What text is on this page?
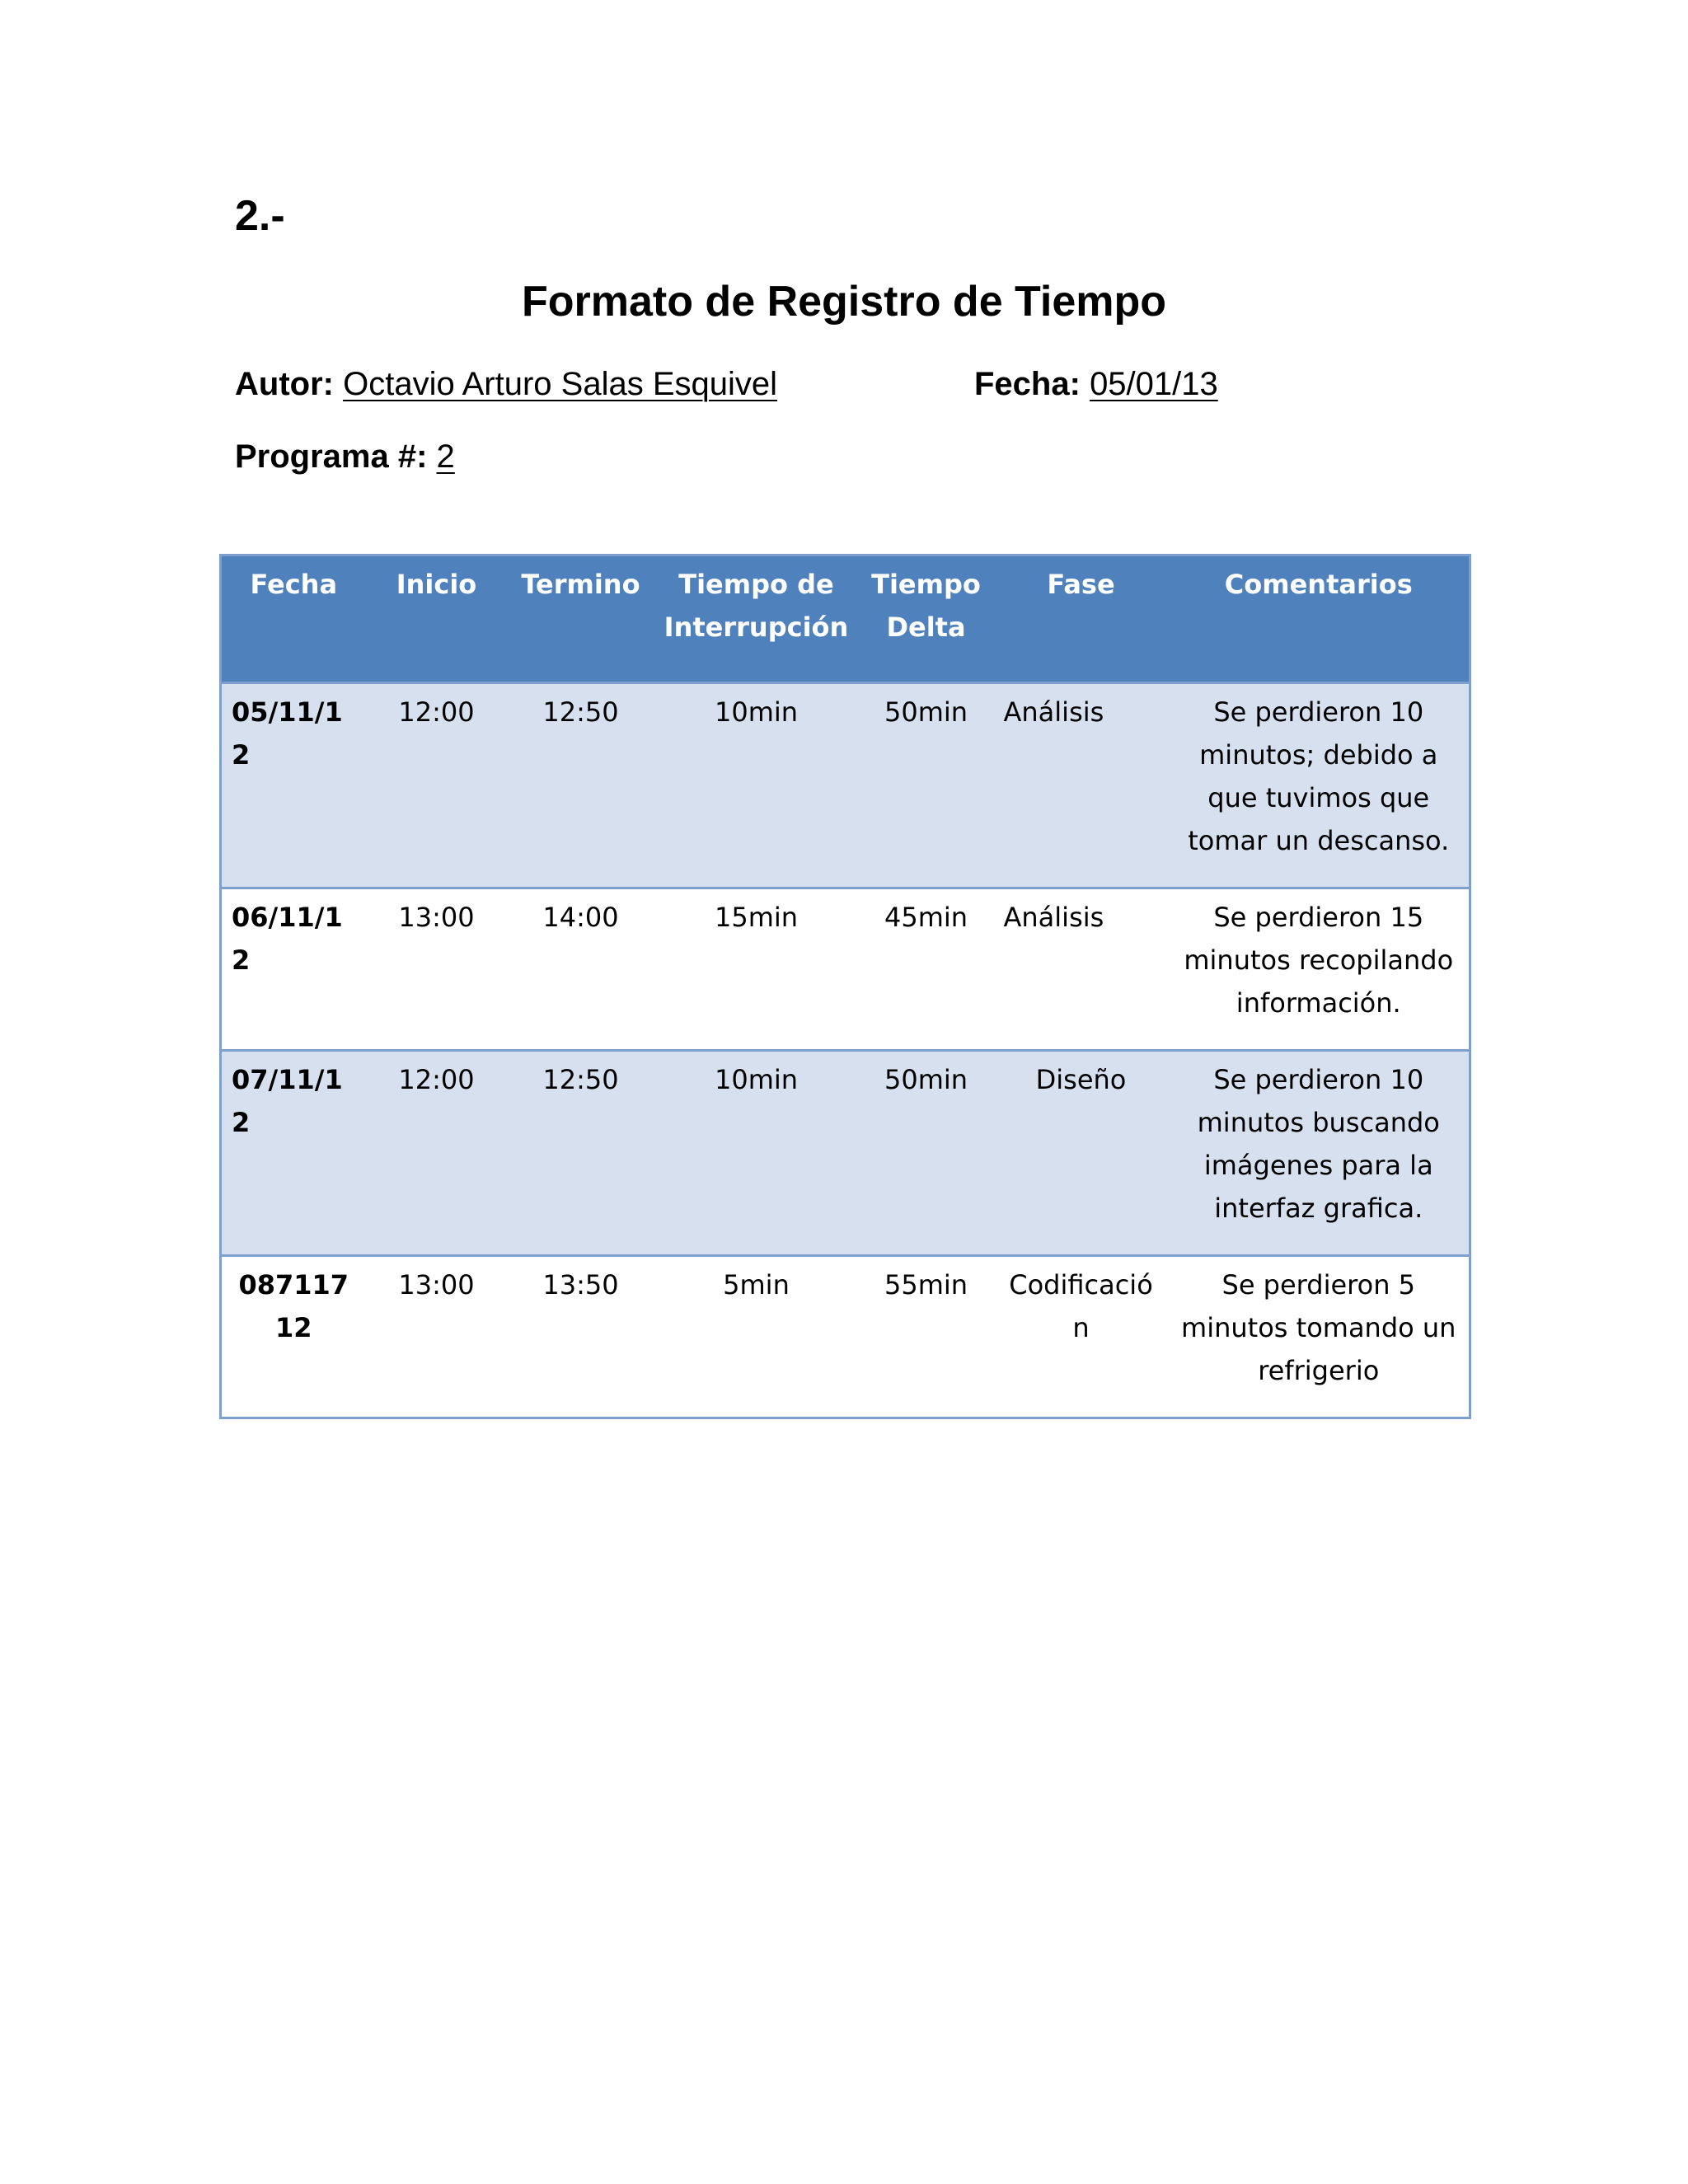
2.-
Formato de Registro de Tiempo
Autor: Octavio Arturo Salas Esquivel	Fecha: 05/01/13
Programa #: 2
Fecha	Inicio	Termino	Tiempo de Interrupción	Tiempo Delta	Fase	Comentarios
05/11/12	12:00	12:50	10min	50min	Análisis	Se perdieron 10 minutos; debido a que tuvimos que tomar un descanso.
06/11/12	13:00	14:00	15min	45min	Análisis	Se perdieron 15 minutos recopilando información.
07/11/12	12:00	12:50	10min	50min	Diseño	Se perdieron 10 minutos buscando imágenes para la interfaz grafica.
08711712	13:00	13:50	5min	55min	Codificación	Se perdieron 5 minutos tomando un refrigerio
